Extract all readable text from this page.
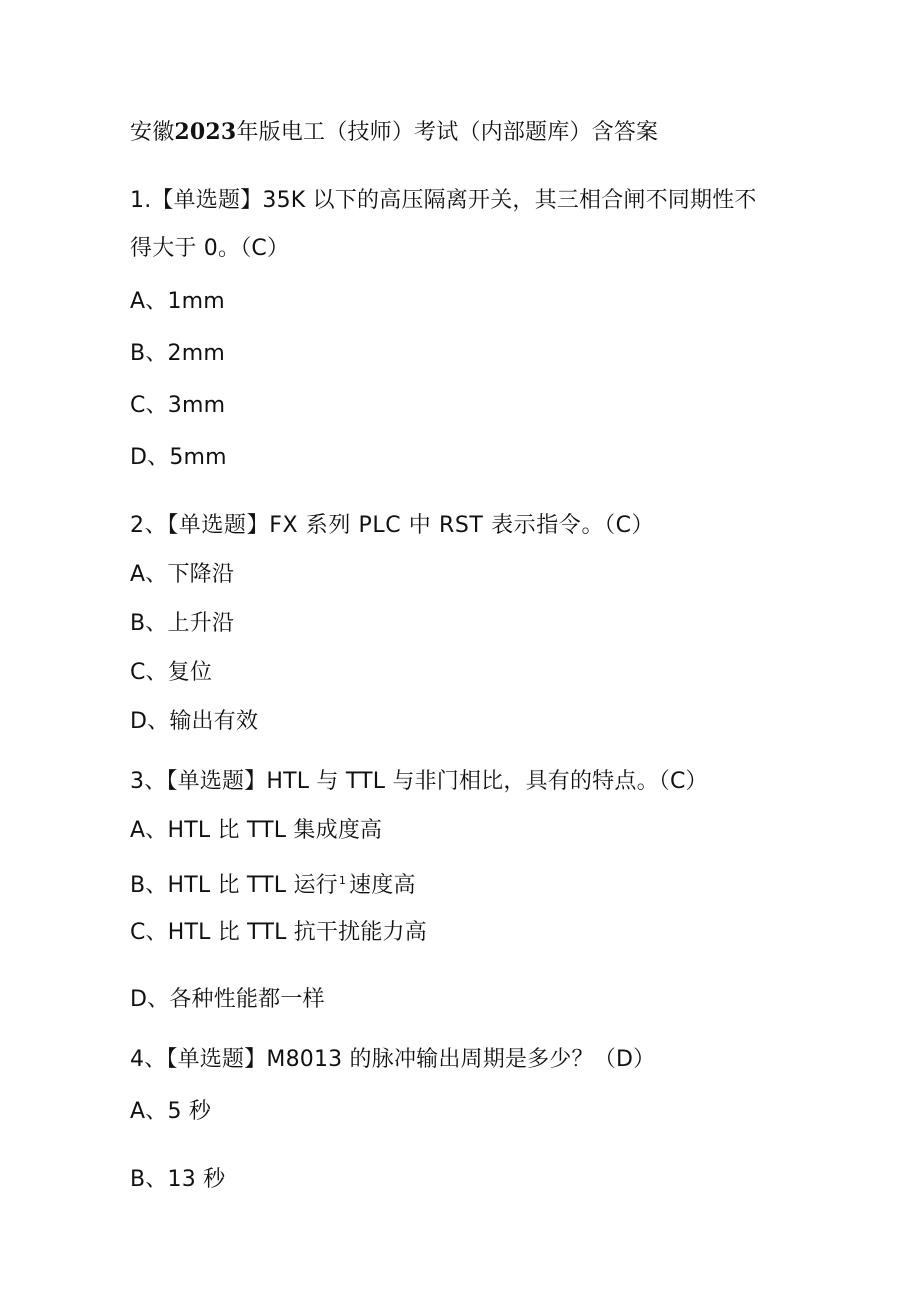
安徽2023年版电工（技师）考试（内部题库）含答案
1.【单选题】35K 以下的高压隔离开关，其三相合闸不同期性不
得大于 0。（C）
A、1mm
B、2mm
C、3mm
D、5mm
2、【单选题】FX 系列 PLC 中 RST 表示指令。（C）
A、下降沿
B、上升沿
C、复位
D、输出有效
3、【单选题】HTL 与 TTL 与非门相比，具有的特点。（C）
A、HTL 比 TTL 集成度高
B、HTL 比 TTL 运行$^1$ 速度高
C、HTL 比 TTL 抗干扰能力高
D、各种性能都一样
4、【单选题】M8013 的脉冲输出周期是多少？（D）
A、5 秒
B、13 秒
